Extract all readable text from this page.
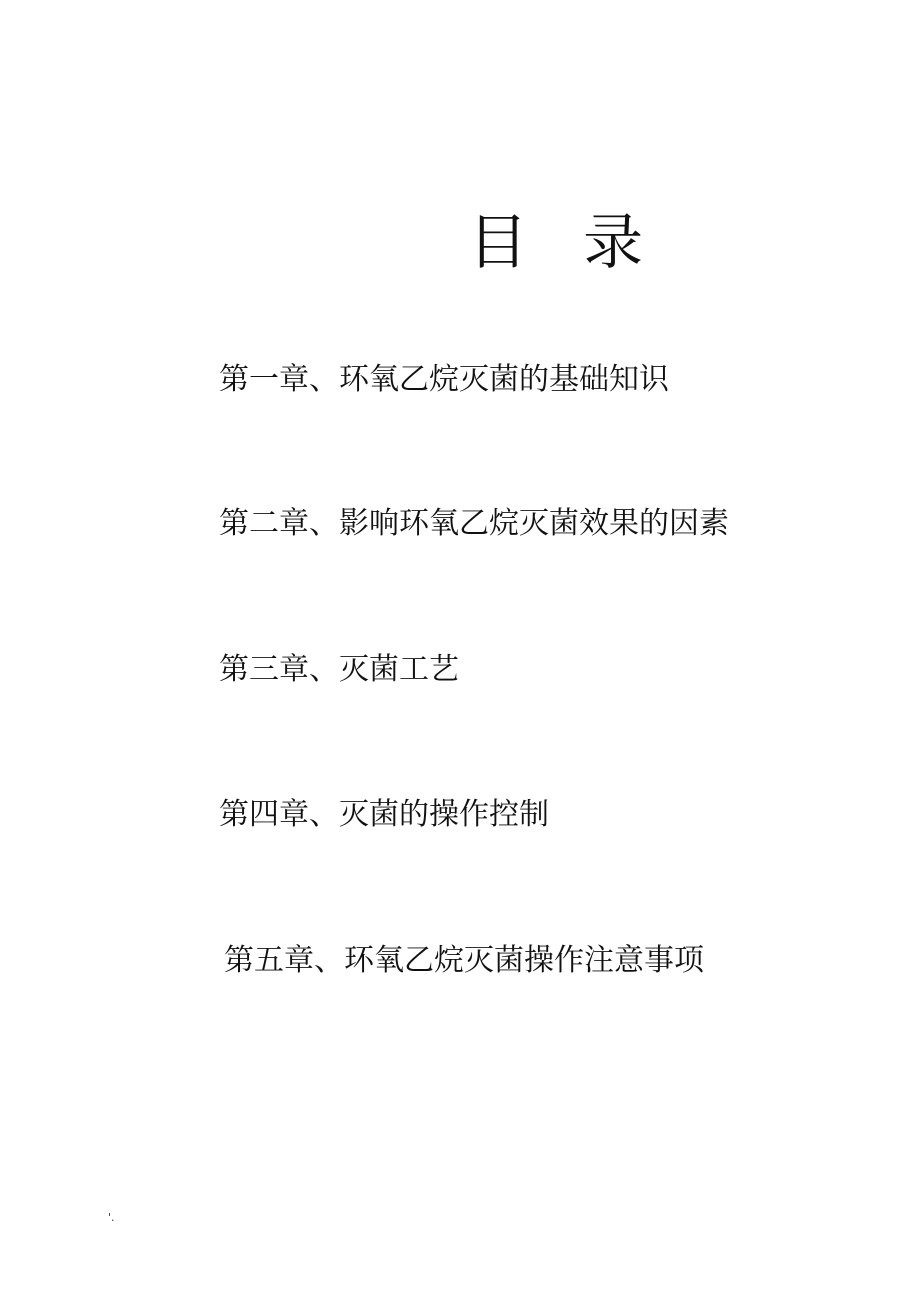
目 录
第一章、环氧乙烷灭菌的基础知识
第二章、影响环氧乙烷灭菌效果的因素
第三章、灭菌工艺
第四章、灭菌的操作控制
第五章、环氧乙烷灭菌操作注意事项
'.
